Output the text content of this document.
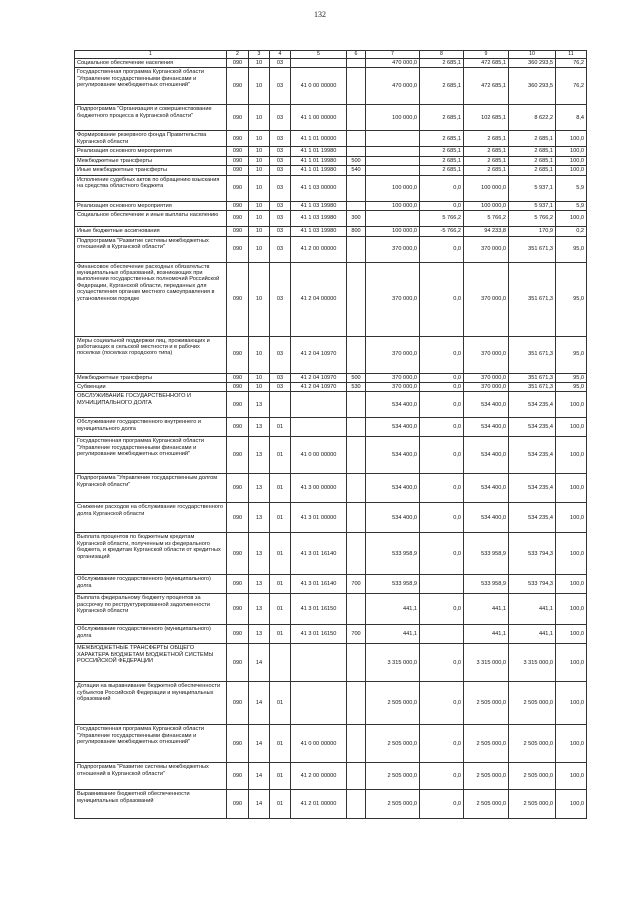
132
1	2	3	4	5	6	7	8	9	10	11
Социальное обеспечение населения	090	10	03			470 000,0	2 685,1	472 685,1	360 293,5	76,2
Государственная программа Курганской области "Управление государственными финансами и регулирование межбюджетных отношений"	090	10	03	41 0 00 00000		470 000,0	2 685,1	472 685,1	360 293,5	76,2
Подпрограмма "Организация и совершенствование бюджетного процесса в Курганской области"	090	10	03	41 1 00 00000		100 000,0	2 685,1	102 685,1	8 622,2	8,4
Формирование резервного фонда Правительства Курганской области	090	10	03	41 1 01 00000			2 685,1	2 685,1	2 685,1	100,0
Реализация основного мероприятия	090	10	03	41 1 01 19980			2 685,1	2 685,1	2 685,1	100,0
Межбюджетные трансферты	090	10	03	41 1 01 19980	500		2 685,1	2 685,1	2 685,1	100,0
Иные межбюджетные трансферты	090	10	03	41 1 01 19980	540		2 685,1	2 685,1	2 685,1	100,0
Исполнение судебных актов по обращению взыскания на средства областного бюджета	090	10	03	41 1 03 00000		100 000,0	0,0	100 000,0	5 937,1	5,9
Реализация основного мероприятия	090	10	03	41 1 03 19980		100 000,0	0,0	100 000,0	5 937,1	5,9
Социальное обеспечение и иные выплаты населению	090	10	03	41 1 03 19980	300		5 766,2	5 766,2	5 766,2	100,0
Иные бюджетные ассигнования	090	10	03	41 1 03 19980	800	100 000,0	-5 766,2	94 233,8	170,9	0,2
Подпрограмма "Развитие системы межбюджетных отношений в Курганской области"	090	10	03	41 2 00 00000		370 000,0	0,0	370 000,0	351 671,3	95,0
Финансовое обеспечение расходных обязательств муниципальных образований, возникающих при выполнении государственных полномочий Российской Федерации, Курганской области, переданных для осуществления органам местного самоуправления в установленном порядке	090	10	03	41 2 04 00000		370 000,0	0,0	370 000,0	351 671,3	95,0
Меры социальной поддержки лиц, проживающих и работающих в сельской местности и в рабочих поселках (поселках городского типа)	090	10	03	41 2 04 10970		370 000,0	0,0	370 000,0	351 671,3	95,0
Межбюджетные трансферты	090	10	03	41 2 04 10970	500	370 000,0	0,0	370 000,0	351 671,3	95,0
Субвенции	090	10	03	41 2 04 10970	530	370 000,0	0,0	370 000,0	351 671,3	95,0
ОБСЛУЖИВАНИЕ ГОСУДАРСТВЕННОГО И МУНИЦИПАЛЬНОГО ДОЛГА	090	13				534 400,0	0,0	534 400,0	534 235,4	100,0
Обслуживание государственного внутреннего и муниципального долга	090	13	01			534 400,0	0,0	534 400,0	534 235,4	100,0
Государственная программа Курганской области "Управление государственными финансами и регулирование межбюджетных отношений"	090	13	01	41 0 00 00000		534 400,0	0,0	534 400,0	534 235,4	100,0
Подпрограмма "Управление государственным долгом Курганской области"	090	13	01	41 3 00 00000		534 400,0	0,0	534 400,0	534 235,4	100,0
Снижение расходов на обслуживание государственного долга Курганской области	090	13	01	41 3 01 00000		534 400,0	0,0	534 400,0	534 235,4	100,0
Выплата процентов по бюджетным кредитам Курганской области, полученным из федерального бюджета, и кредитам Курганской области от кредитных организаций	090	13	01	41 3 01 16140		533 958,9	0,0	533 958,9	533 794,3	100,0
Обслуживание государственного (муниципального) долга	090	13	01	41 3 01 16140	700	533 958,9		533 958,9	533 794,3	100,0
Выплата федеральному бюджету процентов за рассрочку по реструктурированной задолженности Курганской области	090	13	01	41 3 01 16150		441,1	0,0	441,1	441,1	100,0
Обслуживание государственного (муниципального) долга	090	13	01	41 3 01 16150	700	441,1		441,1	441,1	100,0
МЕЖБЮДЖЕТНЫЕ ТРАНСФЕРТЫ ОБЩЕГО ХАРАКТЕРА БЮДЖЕТАМ БЮДЖЕТНОЙ СИСТЕМЫ РОССИЙСКОЙ ФЕДЕРАЦИИ	090	14				3 315 000,0	0,0	3 315 000,0	3 315 000,0	100,0
Дотации на выравнивание бюджетной обеспеченности субъектов Российской Федерации и муниципальных образований	090	14	01			2 505 000,0	0,0	2 505 000,0	2 505 000,0	100,0
Государственная программа Курганской области "Управление государственными финансами и регулирование межбюджетных отношений"	090	14	01	41 0 00 00000		2 505 000,0	0,0	2 505 000,0	2 505 000,0	100,0
Подпрограмма "Развитие системы межбюджетных отношений в Курганской области"	090	14	01	41 2 00 00000		2 505 000,0	0,0	2 505 000,0	2 505 000,0	100,0
Выравнивание бюджетной обеспеченности муниципальных образований	090	14	01	41 2 01 00000		2 505 000,0	0,0	2 505 000,0	2 505 000,0	100,0
